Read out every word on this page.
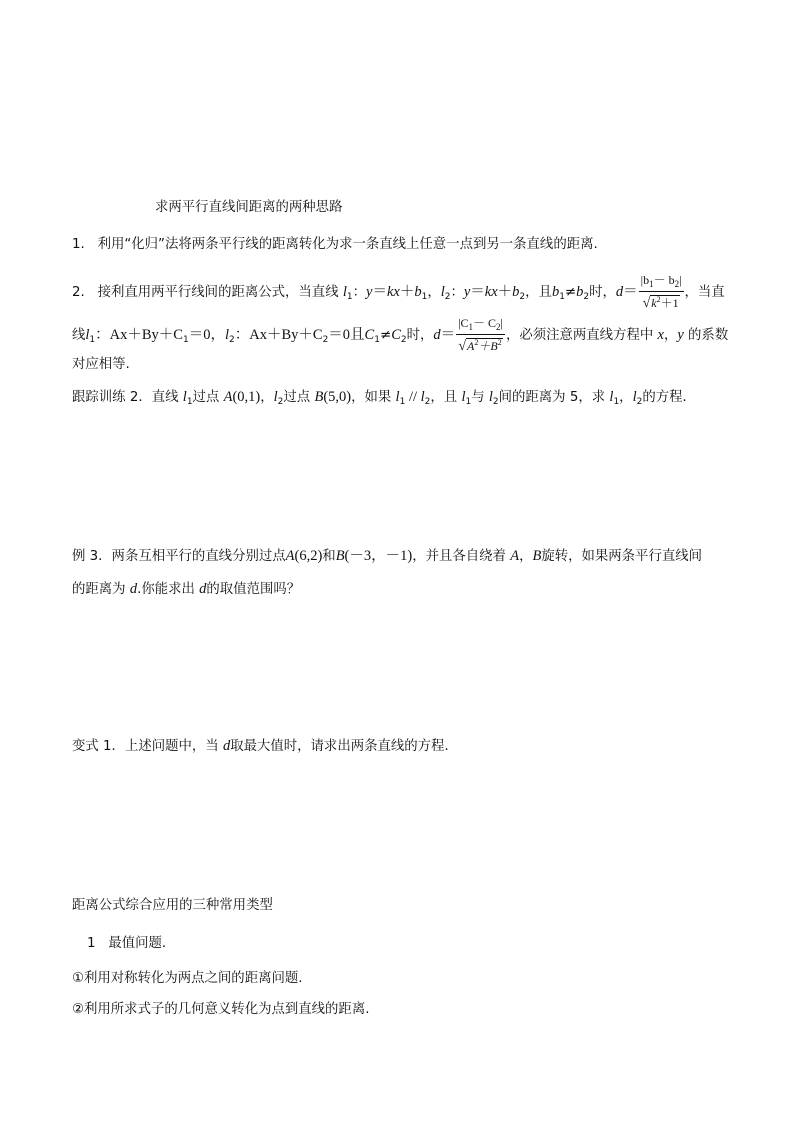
求两平行直线间距离的两种思路
1. 利用“化归”法将两条平行线的距离转化为求一条直线上任意一点到另一条直线的距离.
2. 接利直用两平行线间的距离公式，当直线 $l_1$：$y=kx+b_1$，$l_2$：$y=kx+b_2$，且$b_1\ne b_2$时，$d= \frac{|b_1- b_2|}{√k^2+1}$ ，当直
线$l_1$：$Ax+By+C_1=0$，$l_2$：$Ax+By+C_2=0$且$C_1\ne C_2$时，$d= \frac{|C_1- C_2|}{√A^2+B^2}$ ，必须注意两直线方程中 x，y 的系数
对应相等.
跟踪训练 2．直线 $l_1$过点 A(0,1)，$l_2$过点 B(5,0)，如果 $l_1 // l_2$，且 $l_1$与 $l_2$间的距离为 5，求 $l_1$，$l_2$的方程．
例 3．两条互相平行的直线分别过点A(6,2)和B(－3，－1)，并且各自绕着 A，B旋转，如果两条平行直线间
的距离为 d.你能求出 d的取值范围吗？
变式 1．上述问题中，当 d取最大值时，请求出两条直线的方程．
距离公式综合应用的三种常用类型
1 最值问题.
①利用对称转化为两点之间的距离问题.
②利用所求式子的几何意义转化为点到直线的距离.
